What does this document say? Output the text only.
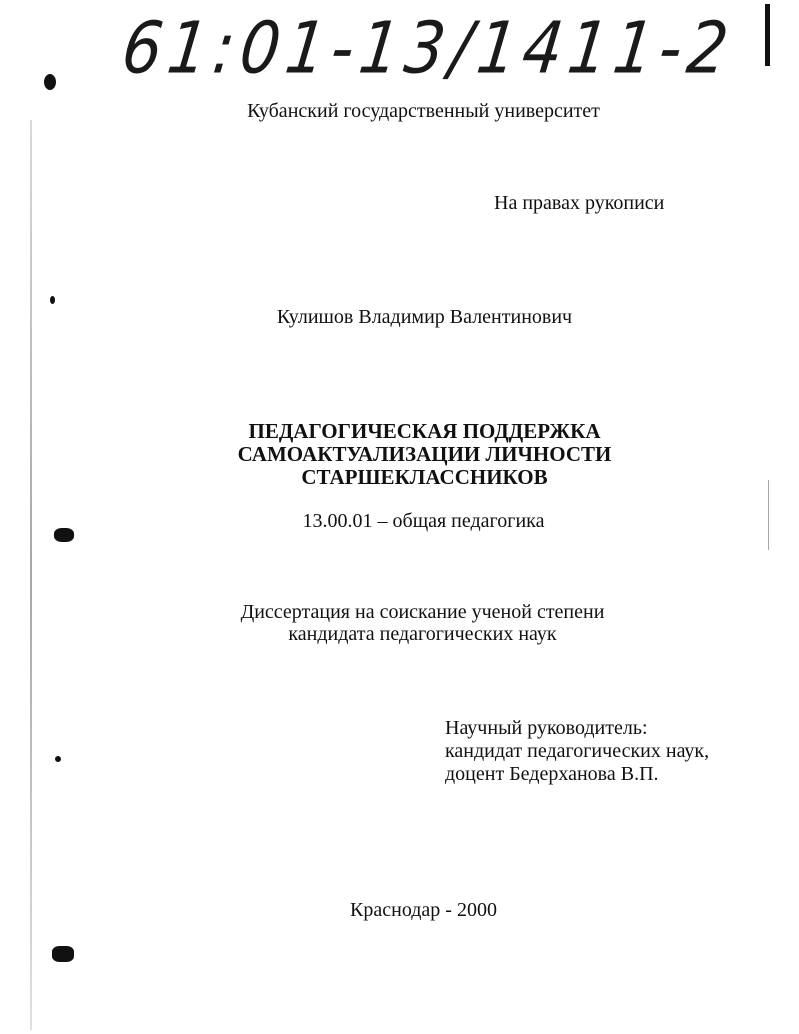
61:01-13/1411-2
Кубанский государственный университет
На правах рукописи
Кулишов Владимир Валентинович
ПЕДАГОГИЧЕСКАЯ ПОДДЕРЖКА
САМОАКТУАЛИЗАЦИИ ЛИЧНОСТИ
СТАРШЕКЛАССНИКОВ
13.00.01 – общая педагогика
Диссертация на соискание ученой степени
кандидата педагогических наук
Научный руководитель:
кандидат педагогических наук,
доцент Бедерханова В.П.
Краснодар - 2000
